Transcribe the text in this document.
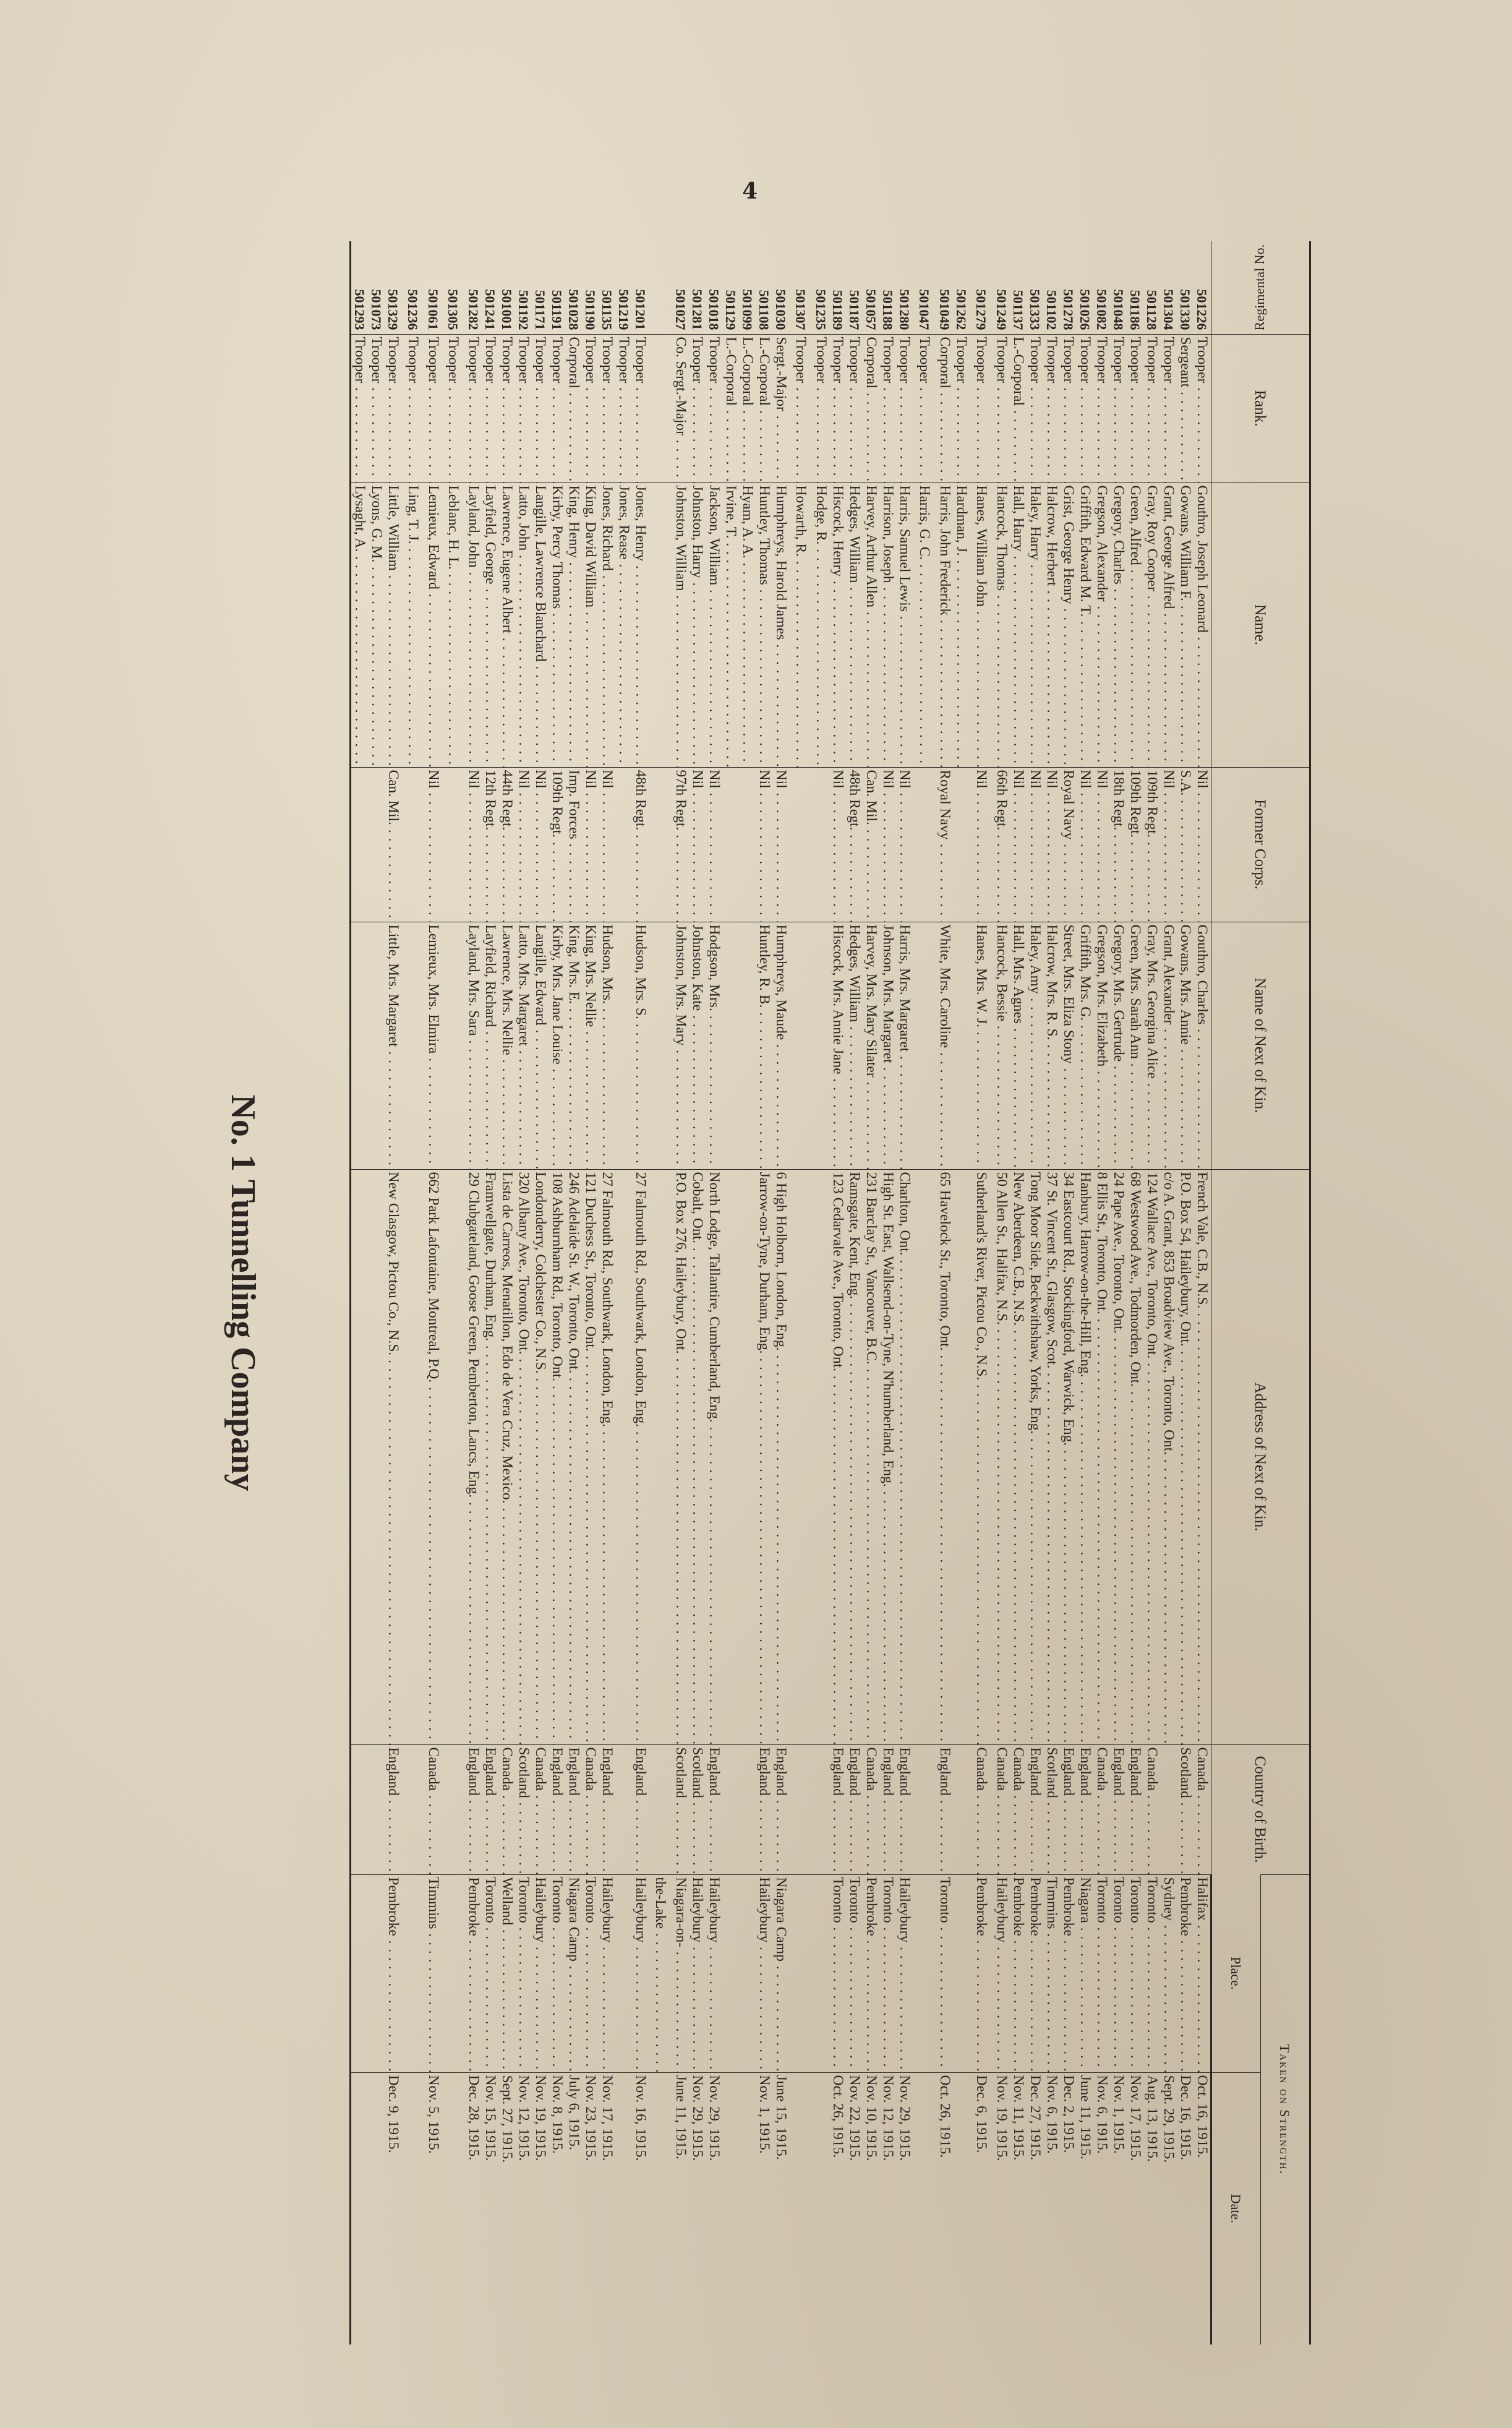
4
Regimental No.	Rank.	Name.	Former Corps.	Name of Next of Kin.	Address of Next of Kin.	Country of Birth.	Taken on Strength.	
							Place.	Date.
501226	Trooper . . .	Gouthro, Joseph Leonard . . .	Nil . . .	Gouthro, Charles . . .	French Vale, C.B., N.S. . . .	Canada . . .	Halifax . . .	Oct. 16, 1915.
501330	Sergeant . . .	Gowans, William F. . . .	S.A. . . .	Gowans, Mrs. Annie . . .	P.O. Box 54, Haileybury, Ont. . . .	Scotland . . .	Pembroke . . .	Dec. 16, 1915.
501304	Trooper . . .	Grant, George Alfred . . .	Nil . . .	Grant, Alexander . . .	c/o A. Grant, 853 Broadview Ave., Toronto, Ont. . . .		Sydney . . .	Sept. 29, 1915.
501128	Trooper . . .	Gray, Roy Cooper . . .	109th Regt. . . .	Gray, Mrs. Georgina Alice . . .	124 Wallace Ave., Toronto, Ont. . . .	Canada . . .	Toronto . . .	Aug. 13, 1915.
501186	Trooper . . .	Green, Alfred . . .	109th Regt. . . .	Green, Mrs. Sarah Ann . . .	68 Westwood Ave., Todmorden, Ont. . . .	England . . .	Toronto . . .	Nov. 17, 1915.
501048	Trooper . . .	Gregory, Charles . . .	18th Regt. . . .	Gregory, Mrs. Gertrude . . .	24 Pape Ave., Toronto, Ont. . . .	England . . .	Toronto . . .	Nov. 1, 1915.
501082	Trooper . . .	Gregson, Alexander . . .	Nil . . .	Gregson, Mrs. Elizabeth . . .	8 Ellis St., Toronto, Ont. . . .	Canada . . .	Toronto . . .	Nov. 6, 1915.
501026	Trooper . . .	Griffith, Edward M. T. . . .	Nil . . .	Griffith, Mrs. G. . . .	Hanbury, Harrow-on-the-Hill, Eng. . . .	England . . .	Niagara . . .	June 11, 1915.
501278	Trooper . . .	Grist, George Henry . . .	Royal Navy . . .	Street, Mrs. Eliza Stony . . .	34 Eastcourt Rd., Stockingford, Warwick, Eng. . . .	England . . .	Pembroke . . .	Dec. 2, 1915.
501102	Trooper . . .	Halcrow, Herbert . . .	Nil . . .	Halcrow, Mrs. R. S. . . .	37 St. Vincent St., Glasgow, Scot. . . .	Scotland . . .	Timmins . . .	Nov. 6, 1915.
501333	Trooper . . .	Haley, Harry . . .	Nil . . .	Haley, Amy . . .	Tong Moor Side, Beckwithshaw, Yorks, Eng. . . .	England . . .	Pembroke . . .	Dec. 27, 1915.
501137	L.-Corporal . . .	Hall, Harry . . .	Nil . . .	Hall, Mrs. Agnes . . .	New Aberdeen, C.B., N.S. . . .	Canada . . .	Pembroke . . .	Nov. 11, 1915.
501249	Trooper . . .	Hancock, Thomas . . .	66th Regt. . . .	Hancock, Bessie . . .	50 Allen St., Halifax, N.S. . . .	Canada . . .	Haileybury . . .	Nov. 19, 1915.
501279	Trooper . . .	Hanes, William John . . .	Nil . . .	Hanes, Mrs. W. J. . . .	Sutherland's River, Pictou Co., N.S. . . .	Canada . . .	Pembroke . . .	Dec. 6, 1915.
501262	Trooper . . .	Hardman, J. . . .						
501049	Corporal . . .	Harris, John Frederick . . .	Royal Navy . . .	White, Mrs. Caroline . . .	65 Havelock St., Toronto, Ont. . . .	England . . .	Toronto . . .	Oct. 26, 1915.
501047	Trooper . . .	Harris, G. C. . . .						
501280	Trooper . . .	Harris, Samuel Lewis . . .	Nil . . .	Harris, Mrs. Margaret . . .	Charlton, Ont. . . .	England . . .	Haileybury . . .	Nov. 29, 1915.
501188	Trooper . . .	Harrison, Joseph . . .	Nil . . .	Johnson, Mrs. Margaret . . .	High St. East, Wallsend-on-Tyne, N'humberland, Eng. . . .	England . . .	Toronto . . .	Nov. 12, 1915.
501057	Corporal . . .	Harvey, Arthur Allen . . .	Can. Mil. . . .	Harvey, Mrs. Mary Silater . . .	231 Barclay St., Vancouver, B.C. . . .	Canada . . .	Pembroke . . .	Nov. 10, 1915.
501187	Trooper . . .	Hedges, William . . .	48th Regt. . . .	Hedges, William . . .	Ramsgate, Kent, Eng. . . .	England . . .	Toronto . . .	Nov. 22, 1915.
501189	Trooper . . .	Hiscock, Henry . . .	Nil . . .	Hiscock, Mrs. Annie Jane . . .	123 Cedarvale Ave., Toronto, Ont. . . .	England . . .	Toronto . . .	Oct. 26, 1915.
501235	Trooper . . .	Hodge, R. . . .						
501307	Trooper . . .	Howarth, R. . . .						
501030	Sergt.-Major . . .	Humphreys, Harold James . . .	Nil . . .	Humphreys, Maude . . .	6 High Holborn, London, Eng. . . .	England . . .	Niagara Camp . . .	June 15, 1915.
501108	L.-Corporal . . .	Huntley, Thomas . . .	Nil . . .	Huntley, R. B. . . .	Jarrow-on-Tyne, Durham, Eng. . . .	England . . .	Haileybury . . .	Nov. 1, 1915.
501099	L.-Corporal . . .	Hyam, A. A. . . .						
501129	L.-Corporal . . .	Irvine, T. . . .						
501018	Trooper . . .	Jackson, William . . .	Nil . . .	Hodgson, Mrs. . . .	North Lodge, Tallantire, Cumberland, Eng. . . .	England . . .	Haileybury . . .	Nov. 29, 1915.
501281	Trooper . . .	Johnston, Harry . . .	Nil . . .	Johnston, Kate . . .	Cobalt, Ont. . . .	Scotland . . .	Haileybury . . .	Nov. 29, 1915.
501027	Co. Sergt.-Major . . .	Johnston, William . . .	97th Regt. . . .	Johnston, Mrs. Mary . . .	P.O. Box 276, Haileybury, Ont. . . .	Scotland . . .	Niagara-on- . . .	June 11, 1915.
							the-Lake . . .	
501201	Trooper . . .	Jones, Henry . . .	48th Regt. . . .	Hudson, Mrs. S. . . .	27 Falmouth Rd., Southwark, London, Eng. . . .	England . . .	Haileybury . . .	Nov. 16, 1915.
501219	Trooper . . .	Jones, Rease . . .						
501135	Trooper . . .	Jones, Richard . . .	Nil . . .	Hudson, Mrs. . . .	27 Falmouth Rd., Southwark, London, Eng. . . .	England . . .	Haileybury . . .	Nov. 17, 1915.
501190	Trooper . . .	King, David William . . .	Nil . . .	King, Mrs. Nellie . . .	121 Duchess St., Toronto, Ont. . . .	Canada . . .	Toronto . . .	Nov. 23, 1915.
501028	Corporal . . .	King, Henry . . .	Imp. Forces . . .	King, Mrs. E. . . .	246 Adelaide St. W., Toronto, Ont. . . .	England . . .	Niagara Camp . . .	July 6, 1915.
501191	Trooper . . .	Kirby, Percy Thomas . . .	109th Regt. . . .	Kirby, Mrs. Jane Louise . . .	108 Ashburnham Rd., Toronto, Ont. . . .	England . . .	Toronto . . .	Nov. 8, 1915.
501171	Trooper . . .	Langille, Lawrence Blanchard . . .	Nil . . .	Langille, Edward . . .	Londonderry, Colchester Co., N.S. . . .	Canada . . .	Haileybury . . .	Nov. 19, 1915.
501192	Trooper . . .	Latto, John . . .	Nil . . .	Latto, Mrs. Margaret . . .	320 Albany Ave., Toronto, Ont. . . .	Scotland . . .	Toronto . . .	Nov. 12, 1915.
501001	Trooper . . .	Lawrence, Eugene Albert . . .	44th Regt. . . .	Lawrence, Mrs. Nellie . . .	Lista de Carreos, Menatillon, Edo de Vera Cruz, Mexico. . . .	Canada . . .	Welland . . .	Sept. 27, 1915.
501241	Trooper . . .	Layfield, George . . .	12th Regt. . . .	Layfield, Richard . . .	Framwellgate, Durham, Eng. . . .	England . . .	Toronto . . .	Nov. 15, 1915.
501282	Trooper . . .	Layland, John . . .	Nil . . .	Layland, Mrs. Sara . . .	29 Clubgateland, Goose Green, Pemberton, Lancs, Eng. . . .	England . . .	Pembroke . . .	Dec. 28, 1915.
501305	Trooper . . .	Leblanc, H. L. . . .						
501061	Trooper . . .	Lemieux, Edward . . .	Nil . . .	Lemieux, Mrs. Elmira . . .	662 Park Lafontaine, Montreal, P.Q. . . .	Canada . . .	Timmins . . .	Nov. 5, 1915.
501236	Trooper . . .	Ling, T. J. . . .						
501329	Trooper . . .	Little, William . . .	Can. Mil. . . .	Little, Mrs. Margaret . . .	New Glasgow, Pictou Co., N.S. . . .	England . . .	Pembroke . . .	Dec. 9, 1915.
501073	Trooper . . .	Lyons, G. M. . . .						
501293	Trooper . . .	Lysaght, A. . . .						
No. 1 Tunnelling Company
